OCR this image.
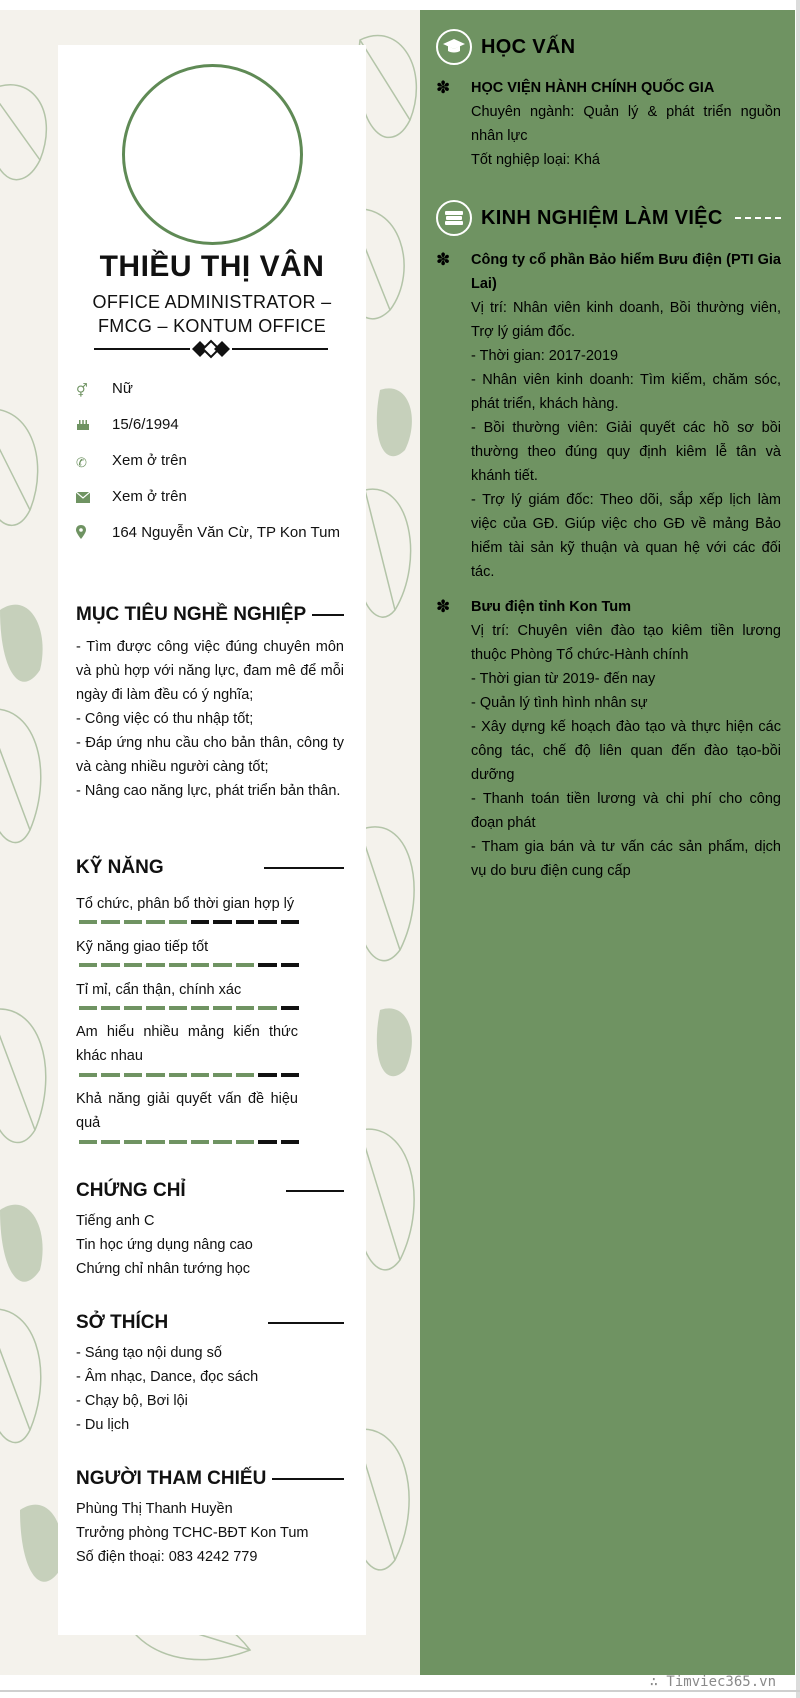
THIỀU THỊ VÂN
OFFICE ADMINISTRATOR – FMCG – KONTUM OFFICE
⚥	Nữ
15/6/1994
✆	Xem ở trên
Xem ở trên
164 Nguyễn Văn Cừ, TP Kon Tum
MỤC TIÊU NGHỀ NGHIỆP

- Tìm được công việc đúng chuyên môn và phù hợp với năng lực, đam mê để mỗi ngày đi làm đều có ý nghĩa;

- Công việc có thu nhập tốt;

- Đáp ứng nhu cầu cho bản thân, công ty và càng nhiều người càng tốt;

- Nâng cao năng lực, phát triển bản thân.

KỸ NĂNG
Tổ chức, phân bổ thời gian hợp lý
Kỹ năng giao tiếp tốt
Tỉ mỉ, cẩn thận, chính xác
Am hiểu nhiều mảng kiến thức khác nhau
Khả năng giải quyết vấn đề hiệu quả
CHỨNG CHỈ

Tiếng anh C

Tin học ứng dụng nâng cao

Chứng chỉ nhân tướng học

SỞ THÍCH

- Sáng tạo nội dung số

- Âm nhạc, Dance, đọc sách

- Chạy bộ, Bơi lội

- Du lịch

NGƯỜI THAM CHIẾU

Phùng Thị Thanh Huyền

Trưởng phòng TCHC-BĐT Kon Tum

Số điện thoại: 083 4242 779

HỌC VẤN
✽	HỌC VIỆN HÀNH CHÍNH QUỐC GIA
Chuyên ngành: Quản lý & phát triển nguồn nhân lực
Tốt nghiệp loại: Khá
KINH NGHIỆM LÀM VIỆC
✽	Công ty cổ phần Bảo hiểm Bưu điện (PTI Gia Lai)
Vị trí: Nhân viên kinh doanh, Bồi thường viên, Trợ lý giám đốc.
- Thời gian: 2017-2019
- Nhân viên kinh doanh: Tìm kiếm, chăm sóc, phát triển, khách hàng.
- Bồi thường viên: Giải quyết các hồ sơ bồi thường theo đúng quy định kiêm lễ tân và khánh tiết.
- Trợ lý giám đốc: Theo dõi, sắp xếp lịch làm việc của GĐ. Giúp việc cho GĐ về mảng Bảo hiểm tài sản kỹ thuận và quan hệ với các đối tác.
✽	Bưu điện tỉnh Kon Tum
Vị trí: Chuyên viên đào tạo kiêm tiền lương thuộc Phòng Tổ chức-Hành chính
- Thời gian từ 2019- đến nay
- Quản lý tình hình nhân sự
- Xây dựng kế hoạch đào tạo và thực hiện các công tác, chế độ liên quan đến đào tạo-bồi dưỡng
- Thanh toán tiền lương và chi phí cho công đoạn phát
- Tham gia bán và tư vấn các sản phẩm, dịch vụ do bưu điện cung cấp
∴ Timviec365.vn
